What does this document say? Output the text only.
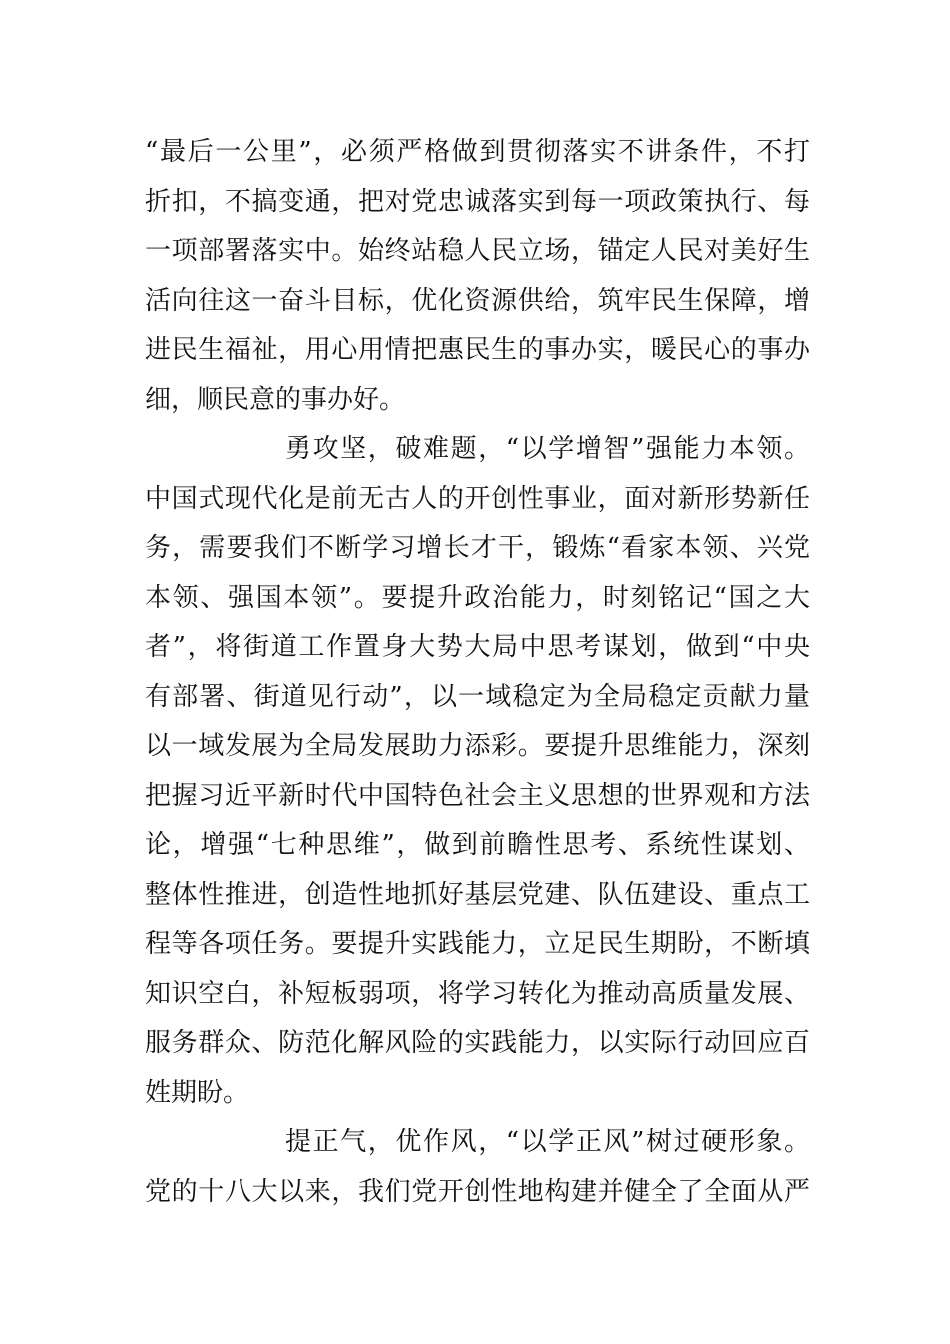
“最后一公里”，必须严格做到贯彻落实不讲条件，不打
折扣，不搞变通，把对党忠诚落实到每一项政策执行、每
一项部署落实中。始终站稳人民立场，锚定人民对美好生
活向往这一奋斗目标，优化资源供给，筑牢民生保障，增
进民生福祉，用心用情把惠民生的事办实，暖民心的事办
细，顺民意的事办好。
勇攻坚，破难题，“以学增智”强能力本领。
中国式现代化是前无古人的开创性事业，面对新形势新任
务，需要我们不断学习增长才干，锻炼“看家本领、兴党
本领、强国本领”。要提升政治能力，时刻铭记“国之大
者”，将街道工作置身大势大局中思考谋划，做到“中央
有部署、街道见行动”，以一域稳定为全局稳定贡献力量
以一域发展为全局发展助力添彩。要提升思维能力，深刻
把握习近平新时代中国特色社会主义思想的世界观和方法
论，增强“七种思维”，做到前瞻性思考、系统性谋划、
整体性推进，创造性地抓好基层党建、队伍建设、重点工
程等各项任务。要提升实践能力，立足民生期盼，不断填
知识空白，补短板弱项，将学习转化为推动高质量发展、
服务群众、防范化解风险的实践能力，以实际行动回应百
姓期盼。
提正气，优作风，“以学正风”树过硬形象。
党的十八大以来，我们党开创性地构建并健全了全面从严
